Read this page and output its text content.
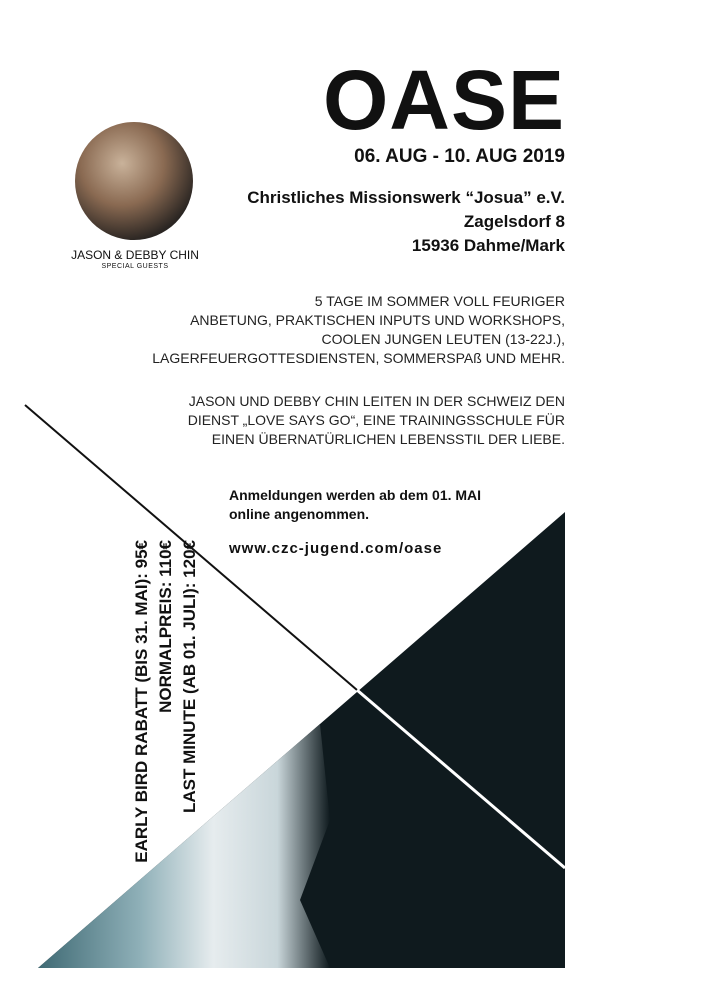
OASE
06. AUG - 10. AUG 2019
Christliches Missionswerk “Josua” e.V.
Zagelsdorf 8
15936 Dahme/Mark
JASON & DEBBY CHIN
SPECIAL GUESTS
5 TAGE IM SOMMER VOLL FEURIGER
ANBETUNG, PRAKTISCHEN INPUTS UND WORKSHOPS,
COOLEN JUNGEN LEUTEN (13-22J.),
LAGERFEUERGOTTESDIENSTEN, SOMMERSPAß UND MEHR.
JASON UND DEBBY CHIN LEITEN IN DER SCHWEIZ DEN
DIENST „LOVE SAYS GO“, EINE TRAININGSSCHULE FÜR
EINEN ÜBERNATÜRLICHEN LEBENSSTIL DER LIEBE.
Anmeldungen werden ab dem 01. MAI
online angenommen.
www.czc-jugend.com/oase
EARLY BIRD RABATT (BIS 31. MAI): 95€ NORMALPREIS: 110€ LAST MINUTE (AB 01. JULI): 120€
